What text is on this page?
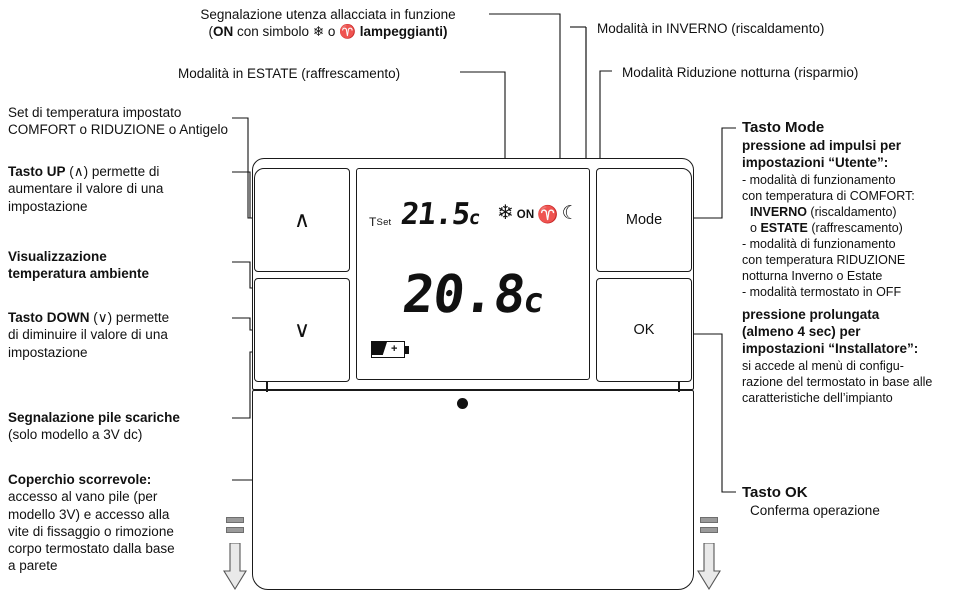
TSet 21.5c ❄ ON ♈ ☾
20.8c
+
∧
∨
Mode
OK
Segnalazione utenza allacciata in funzione
(ON con simbolo ❄ o ♈ lampeggianti)	Modalità in INVERNO (riscaldamento)
Modalità in ESTATE (raffrescamento)	Modalità Riduzione notturna (risparmio)
Set di temperatura impostato
COMFORT o RIDUZIONE o Antigelo
Tasto UP (∧) permette di
aumentare il valore di una
impostazione
Visualizzazione
temperatura ambiente
Tasto DOWN (∨) permette
di diminuire il valore di una
impostazione
Segnalazione pile scariche
(solo modello a 3V dc)
Coperchio scorrevole:
accesso al vano pile (per
modello 3V) e accesso alla
vite di fissaggio o rimozione
corpo termostato dalla base
a parete
Tasto Mode
pressione ad impulsi per
impostazioni “Utente”:
- modalità di funzionamento
con temperatura di COMFORT:
INVERNO (riscaldamento)
o ESTATE (raffrescamento)
- modalità di funzionamento
con temperatura RIDUZIONE
notturna Inverno o Estate
- modalità termostato in OFF
pressione prolungata
(almeno 4 sec) per
impostazioni “Installatore”:
si accede al menù di configu-
razione del termostato in base alle
caratteristiche dell’impianto
Tasto OK
Conferma operazione
